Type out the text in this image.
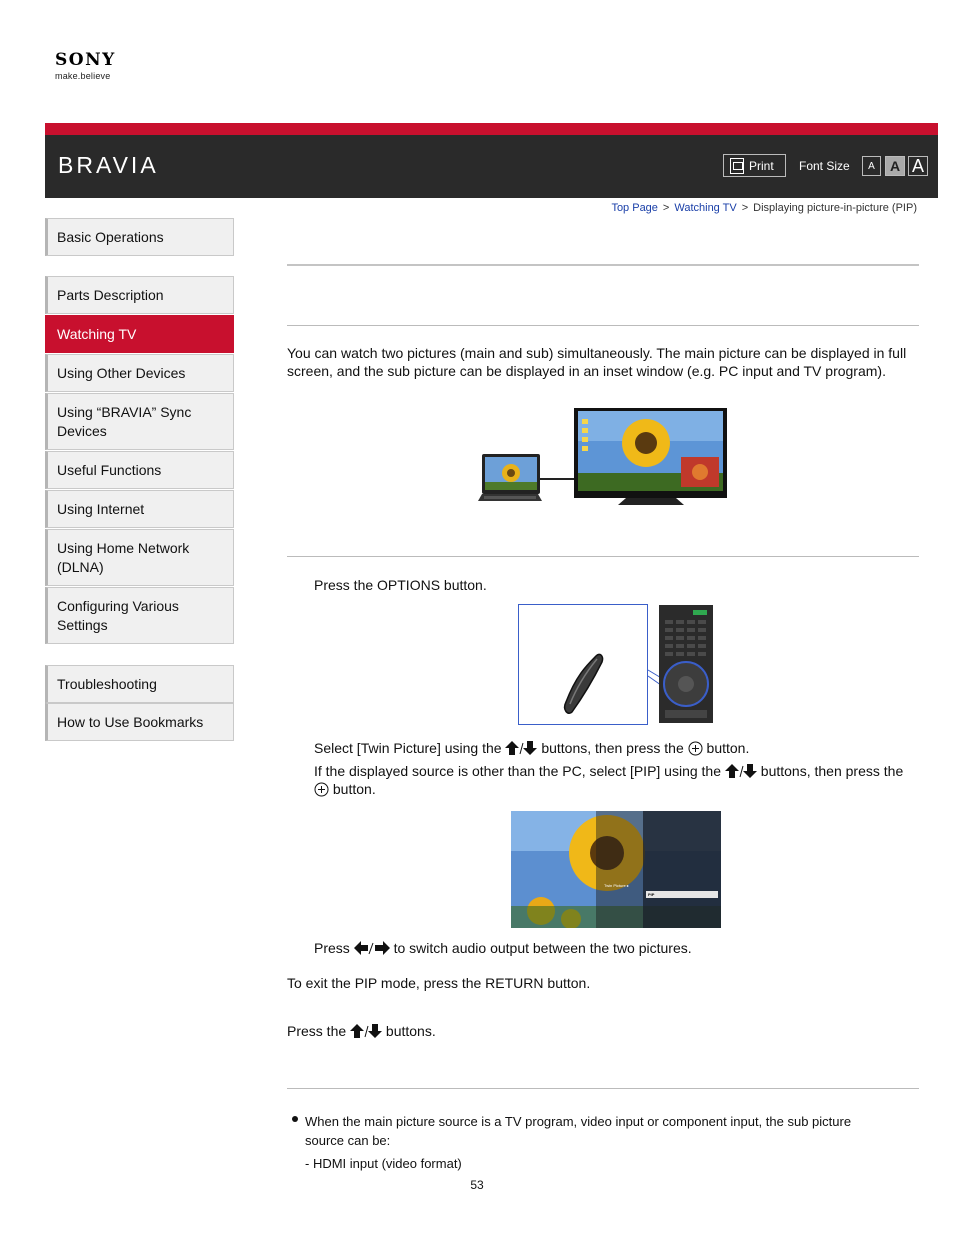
SONY
make.believe
BRAVIA	Print Font Size	A	A A
Top Page > Watching TV > Displaying picture-in-picture (PIP)
Basic Operations
Parts Description
Watching TV
Using Other Devices
Using “BRAVIA” Sync Devices
Useful Functions
Using Internet
Using Home Network (DLNA)
Configuring Various Settings
Troubleshooting
How to Use Bookmarks
You can watch two pictures (main and sub) simultaneously. The main picture can be displayed in full screen, and the sub picture can be displayed in an inset window (e.g. PC input and TV program).
Press the OPTIONS button.
Select [Twin Picture] using the	buttons, then press the button.
If the displayed source is other than the PC, select [PIP] using the	buttons, then press the  button.
Twin Picture ▸
PIP
Press	to switch audio output between the two pictures.
To exit the PIP mode, press the RETURN button.
Press the	buttons.
When the main picture source is a TV program, video input or component input, the sub picture source can be:
- HDMI input (video format)
53
